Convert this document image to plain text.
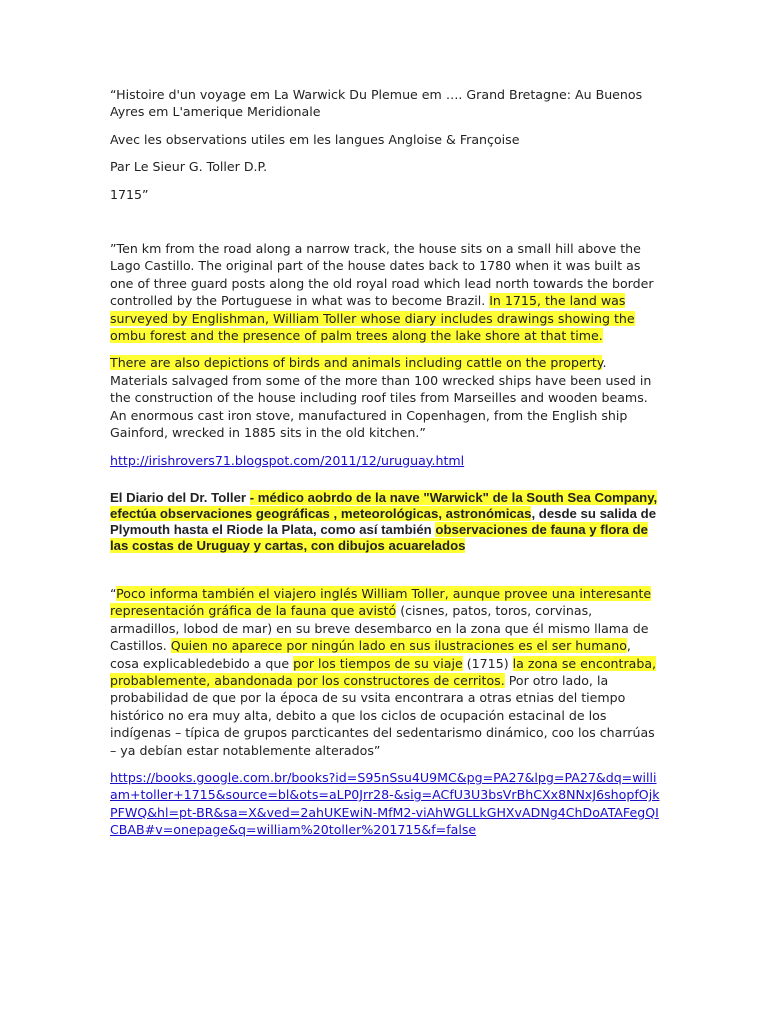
“Histoire d'un voyage em La Warwick Du Plemue em …. Grand Bretagne: Au Buenos Ayres em L'amerique Meridionale

Avec les observations utiles em les langues Angloise & Françoise

Par Le Sieur G. Toller D.P.

1715”

”Ten km from the road along a narrow track, the house sits on a small hill above the Lago Castillo. The original part of the house dates back to 1780 when it was built as one of three guard posts along the old royal road which lead north towards the border controlled by the Portuguese in what was to become Brazil. In 1715, the land was surveyed by Englishman, William Toller whose diary includes drawings showing the ombu forest and the presence of palm trees along the lake shore at that time.

There are also depictions of birds and animals including cattle on the property. Materials salvaged from some of the more than 100 wrecked ships have been used in the construction of the house including roof tiles from Marseilles and wooden beams. An enormous cast iron stove, manufactured in Copenhagen, from the English ship Gainford, wrecked in 1885 sits in the old kitchen.”

http://irishrovers71.blogspot.com/2011/12/uruguay.html

El Diario del Dr. Toller - médico aobrdo de la nave "Warwick" de la South Sea Company, efectúa observaciones geográficas , meteorológicas, astronómicas, desde su salida de Plymouth hasta el Riode la Plata, como así también observaciones de fauna y flora de las costas de Uruguay y cartas, con dibujos acuarelados

“Poco informa también el viajero inglés William Toller, aunque provee una interesante representación gráfica de la fauna que avistó (cisnes, patos, toros, corvinas, armadillos, lobod de mar) en su breve desembarco en la zona que él mismo llama de Castillos. Quien no aparece por ningún lado en sus ilustraciones es el ser humano, cosa explicabledebido a que por los tiempos de su viaje (1715) la zona se encontraba, probablemente, abandonada por los constructores de cerritos. Por otro lado, la probabilidad de que por la época de su vsita encontrara a otras etnias del tiempo histórico no era muy alta, debito a que los ciclos de ocupación estacinal de los indígenas – típica de grupos parcticantes del sedentarismo dinámico, coo los charrúas – ya debían estar notablemente alterados”

https://books.google.com.br/books?id=S95nSsu4U9MC&pg=PA27&lpg=PA27&dq=william+toller+1715&source=bl&ots=aLP0Jrr28-&sig=ACfU3U3bsVrBhCXx8NNxJ6shopfOjkPFWQ&hl=pt-BR&sa=X&ved=2ahUKEwiN-MfM2-viAhWGLLkGHXvADNg4ChDoATAFegQICBAB#v=onepage&q=william%20toller%201715&f=false
